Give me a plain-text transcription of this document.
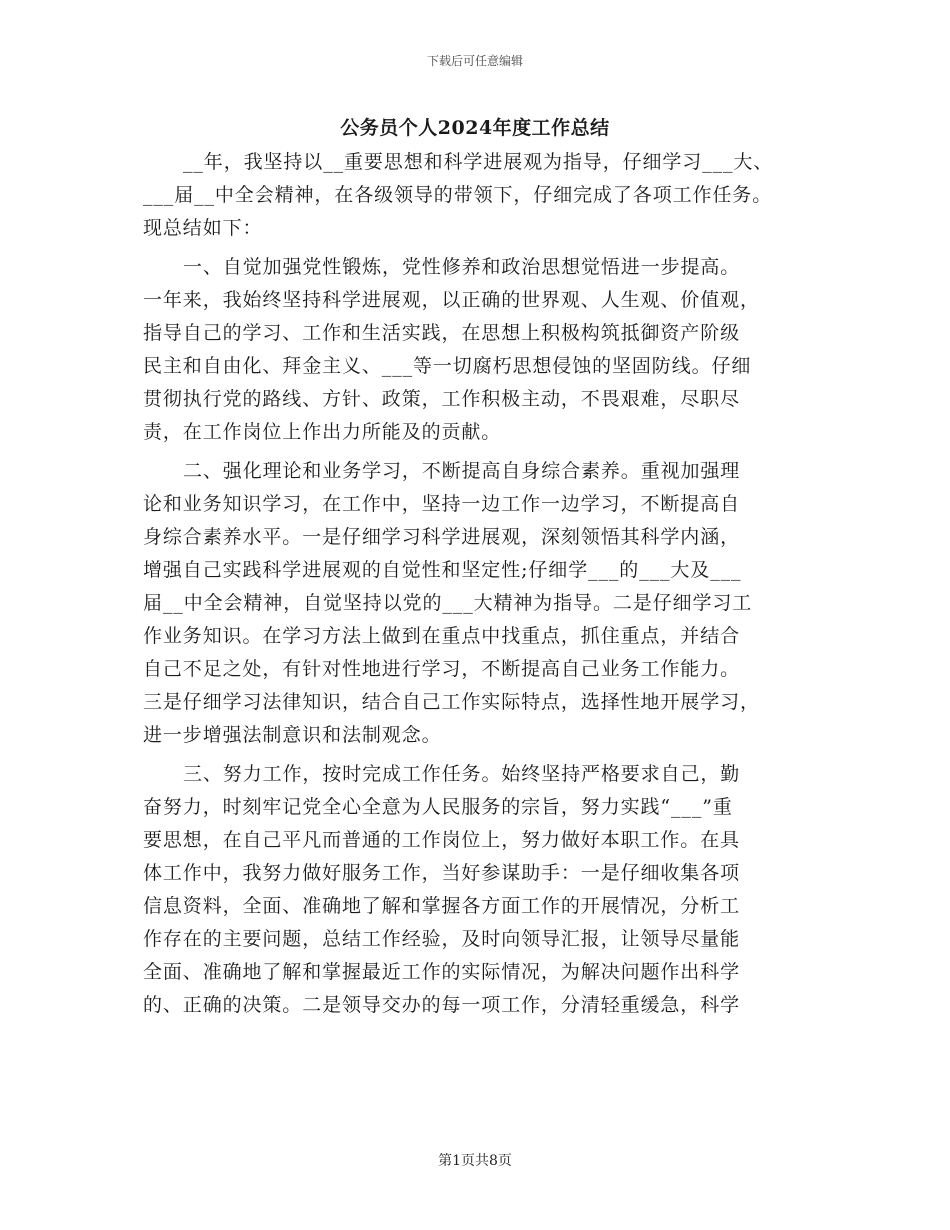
下载后可任意编辑
公务员个人2024年度工作总结
__年，我坚持以__重要思想和科学进展观为指导，仔细学习___大、
___届__中全会精神，在各级领导的带领下，仔细完成了各项工作任务。
现总结如下：
一、自觉加强党性锻炼，党性修养和政治思想觉悟进一步提高。
一年来，我始终坚持科学进展观，以正确的世界观、人生观、价值观，
指导自己的学习、工作和生活实践，在思想上积极构筑抵御资产阶级
民主和自由化、拜金主义、___等一切腐朽思想侵蚀的坚固防线。仔细
贯彻执行党的路线、方针、政策，工作积极主动，不畏艰难，尽职尽
责，在工作岗位上作出力所能及的贡献。
二、强化理论和业务学习，不断提高自身综合素养。重视加强理
论和业务知识学习，在工作中，坚持一边工作一边学习，不断提高自
身综合素养水平。一是仔细学习科学进展观，深刻领悟其科学内涵，
增强自己实践科学进展观的自觉性和坚定性;仔细学___的___大及___
届__中全会精神，自觉坚持以党的___大精神为指导。二是仔细学习工
作业务知识。在学习方法上做到在重点中找重点，抓住重点，并结合
自己不足之处，有针对性地进行学习，不断提高自己业务工作能力。
三是仔细学习法律知识，结合自己工作实际特点，选择性地开展学习，
进一步增强法制意识和法制观念。
三、努力工作，按时完成工作任务。始终坚持严格要求自己，勤
奋努力，时刻牢记党全心全意为人民服务的宗旨，努力实践“___”重
要思想，在自己平凡而普通的工作岗位上，努力做好本职工作。在具
体工作中，我努力做好服务工作，当好参谋助手：一是仔细收集各项
信息资料，全面、准确地了解和掌握各方面工作的开展情况，分析工
作存在的主要问题，总结工作经验，及时向领导汇报，让领导尽量能
全面、准确地了解和掌握最近工作的实际情况，为解决问题作出科学
的、正确的决策。二是领导交办的每一项工作，分清轻重缓急，科学
第1页共8页
